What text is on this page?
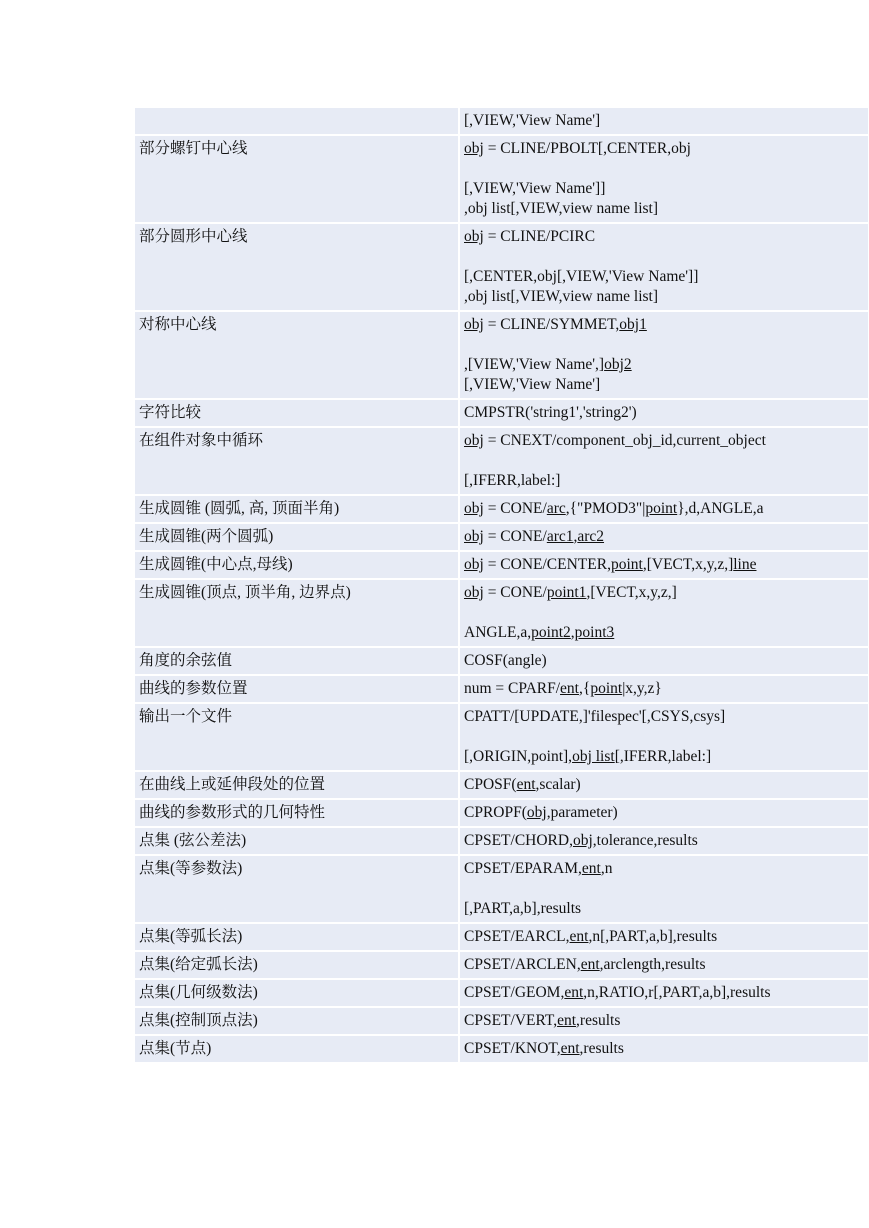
	[,VIEW,'View Name']

部分螺钉中心线	obj = CLINE/PBOLT[,CENTER,obj
[,VIEW,'View Name']]
,obj list[,VIEW,view name list]

部分圆形中心线	obj = CLINE/PCIRC
[,CENTER,obj[,VIEW,'View Name']]
,obj list[,VIEW,view name list]

对称中心线	obj = CLINE/SYMMET,obj1
,[VIEW,'View Name',]obj2
[,VIEW,'View Name']

字符比较	CMPSTR('string1','string2')

在组件对象中循环	obj = CNEXT/component_obj_id,current_object
[,IFERR,label:]

生成圆锥 (圆弧, 高, 顶面半角)	obj = CONE/arc,{"PMOD3"|point},d,ANGLE,a

生成圆锥(两个圆弧)	obj = CONE/arc1,arc2

生成圆锥(中心点,母线)	obj = CONE/CENTER,point,[VECT,x,y,z,]line

生成圆锥(顶点, 顶半角, 边界点)	obj = CONE/point1,[VECT,x,y,z,]
ANGLE,a,point2,point3

角度的余弦值	COSF(angle)

曲线的参数位置	num = CPARF/ent,{point|x,y,z}

输出一个文件	CPATT/[UPDATE,]'filespec'[,CSYS,csys]
[,ORIGIN,point],obj list[,IFERR,label:]

在曲线上或延伸段处的位置	CPOSF(ent,scalar)

曲线的参数形式的几何特性	CPROPF(obj,parameter)

点集 (弦公差法)	CPSET/CHORD,obj,tolerance,results

点集(等参数法)	CPSET/EPARAM,ent,n
[,PART,a,b],results

点集(等弧长法)	CPSET/EARCL,ent,n[,PART,a,b],results

点集(给定弧长法)	CPSET/ARCLEN,ent,arclength,results

点集(几何级数法)	CPSET/GEOM,ent,n,RATIO,r[,PART,a,b],results

点集(控制顶点法)	CPSET/VERT,ent,results

点集(节点)	CPSET/KNOT,ent,results
